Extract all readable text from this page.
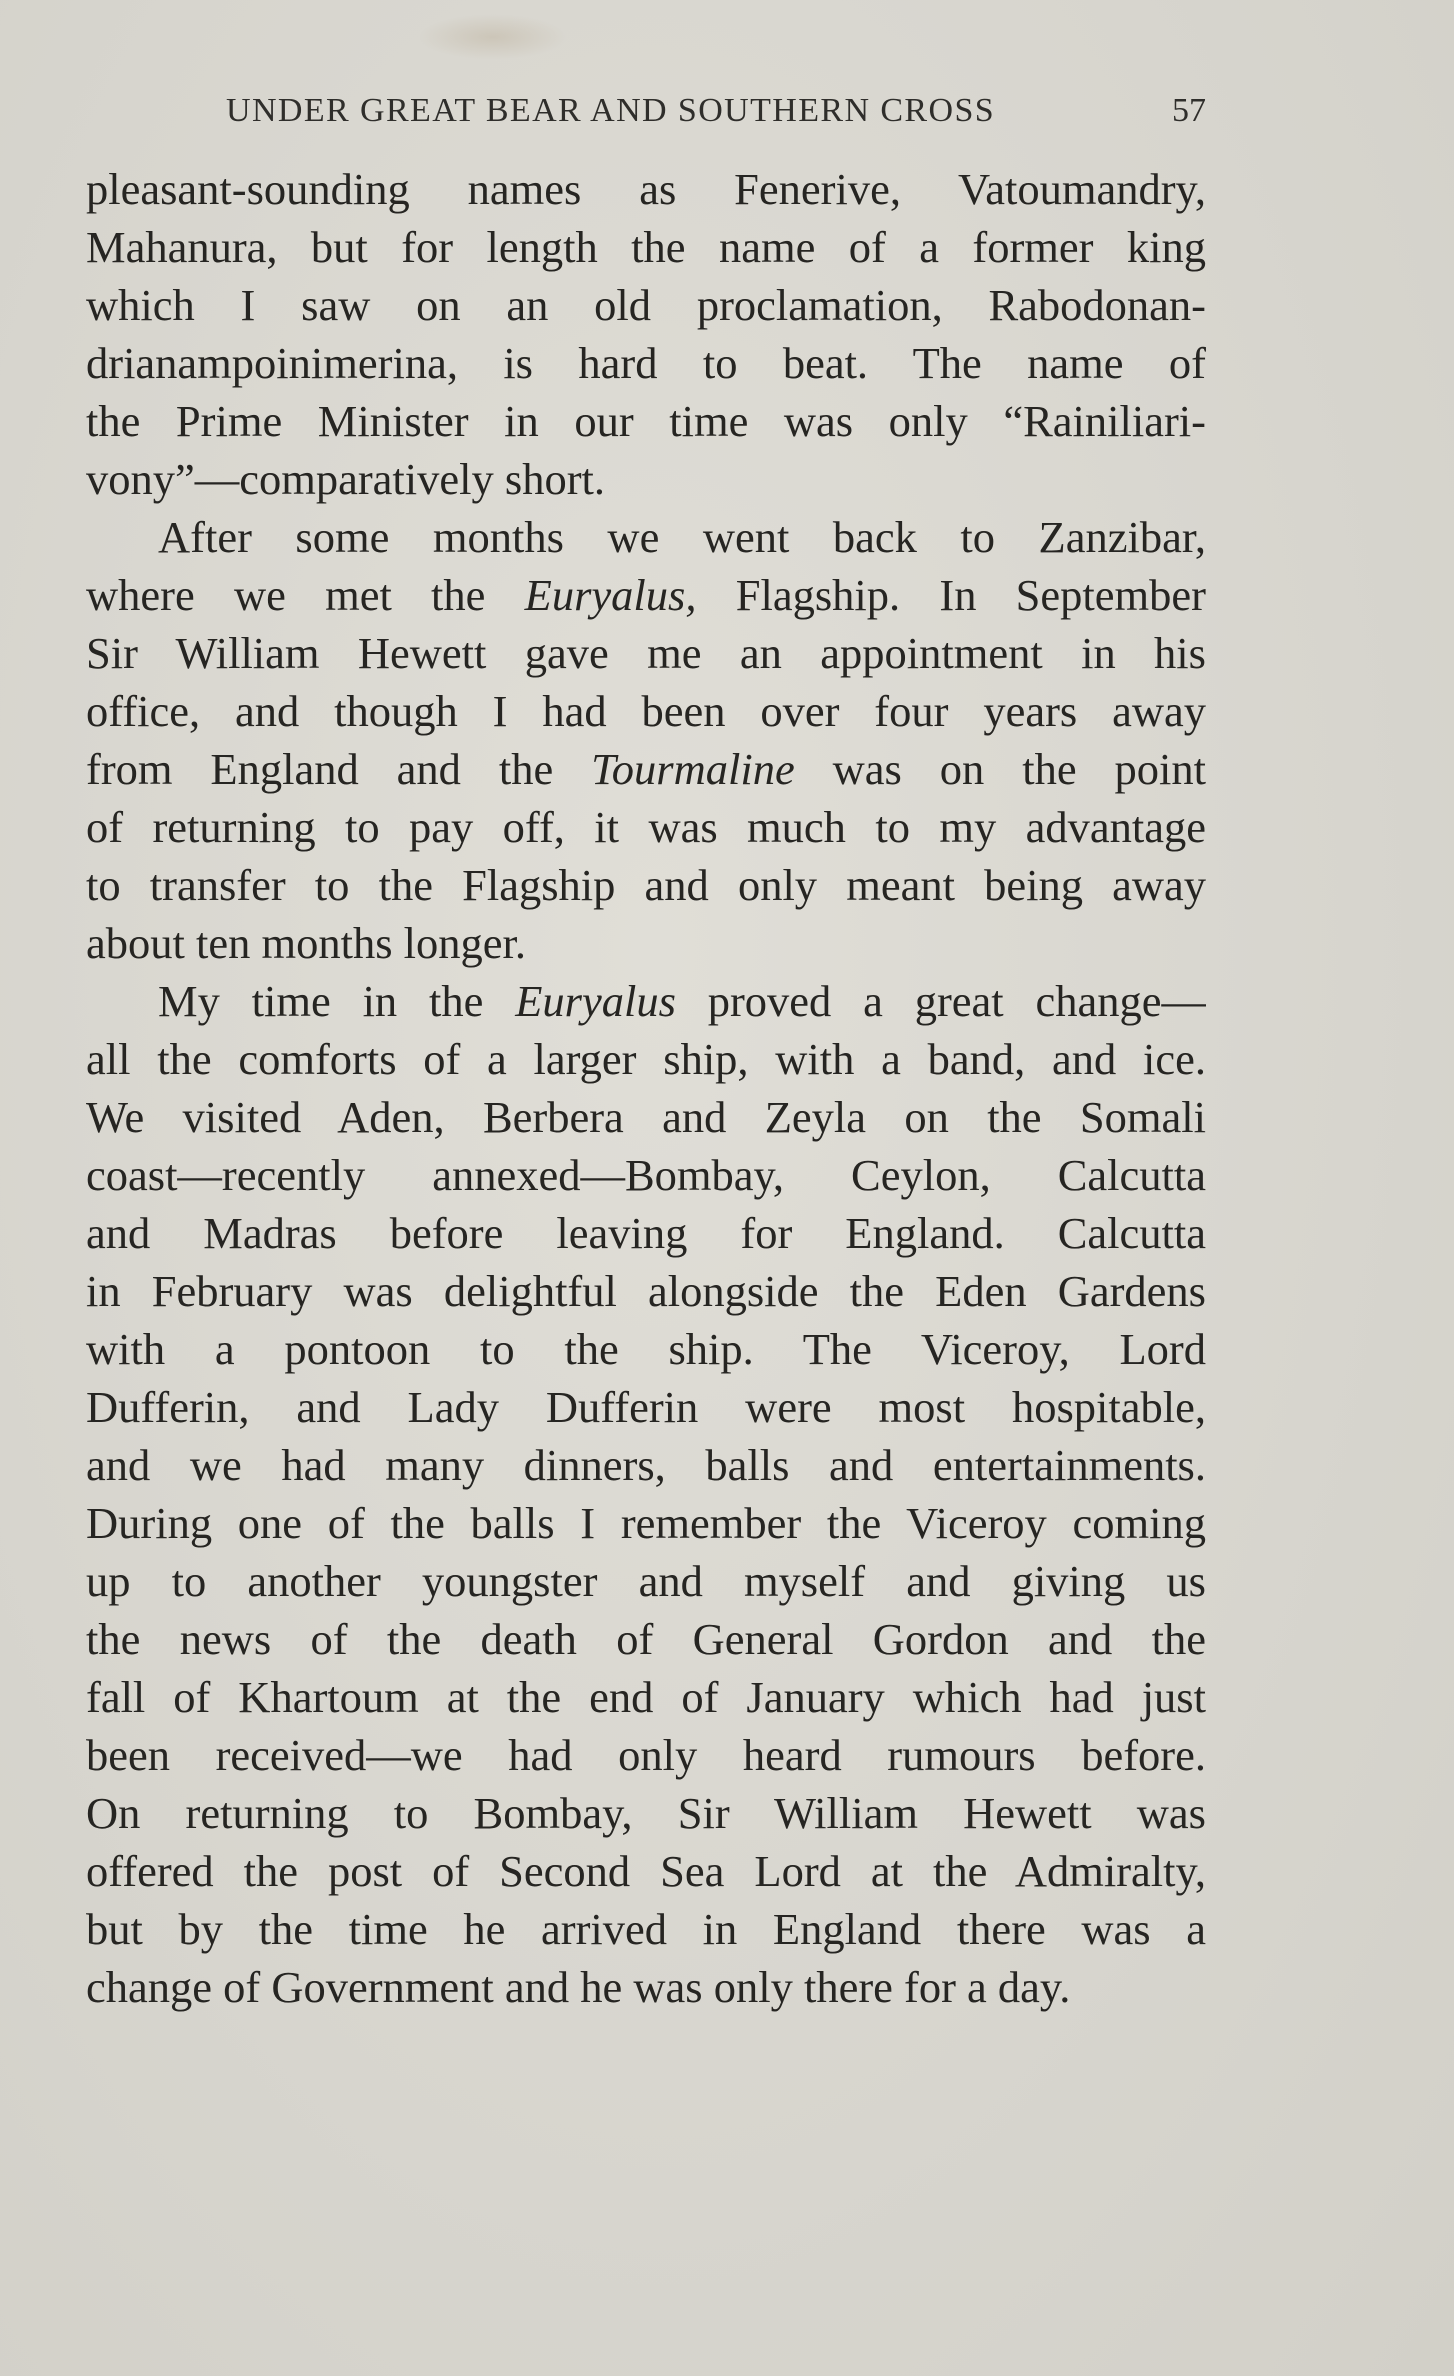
UNDER GREAT BEAR AND SOUTHERN CROSS	57
pleasant-sounding names as Fenerive, Vatoumandry,
Mahanura, but for length the name of a former king
which I saw on an old proclamation, Rabodonan-
drianampoinimerina, is hard to beat. The name of
the Prime Minister in our time was only “Rainiliari-
vony”—comparatively short.
After some months we went back to Zanzibar,
where we met the Euryalus, Flagship. In September
Sir William Hewett gave me an appointment in his
office, and though I had been over four years away
from England and the Tourmaline was on the point
of returning to pay off, it was much to my advantage
to transfer to the Flagship and only meant being away
about ten months longer.
My time in the Euryalus proved a great change—
all the comforts of a larger ship, with a band, and ice.
We visited Aden, Berbera and Zeyla on the Somali
coast—recently annexed—Bombay, Ceylon, Calcutta
and Madras before leaving for England. Calcutta
in February was delightful alongside the Eden Gardens
with a pontoon to the ship. The Viceroy, Lord
Dufferin, and Lady Dufferin were most hospitable,
and we had many dinners, balls and entertainments.
During one of the balls I remember the Viceroy coming
up to another youngster and myself and giving us
the news of the death of General Gordon and the
fall of Khartoum at the end of January which had just
been received—we had only heard rumours before.
On returning to Bombay, Sir William Hewett was
offered the post of Second Sea Lord at the Admiralty,
but by the time he arrived in England there was a
change of Government and he was only there for a day.
